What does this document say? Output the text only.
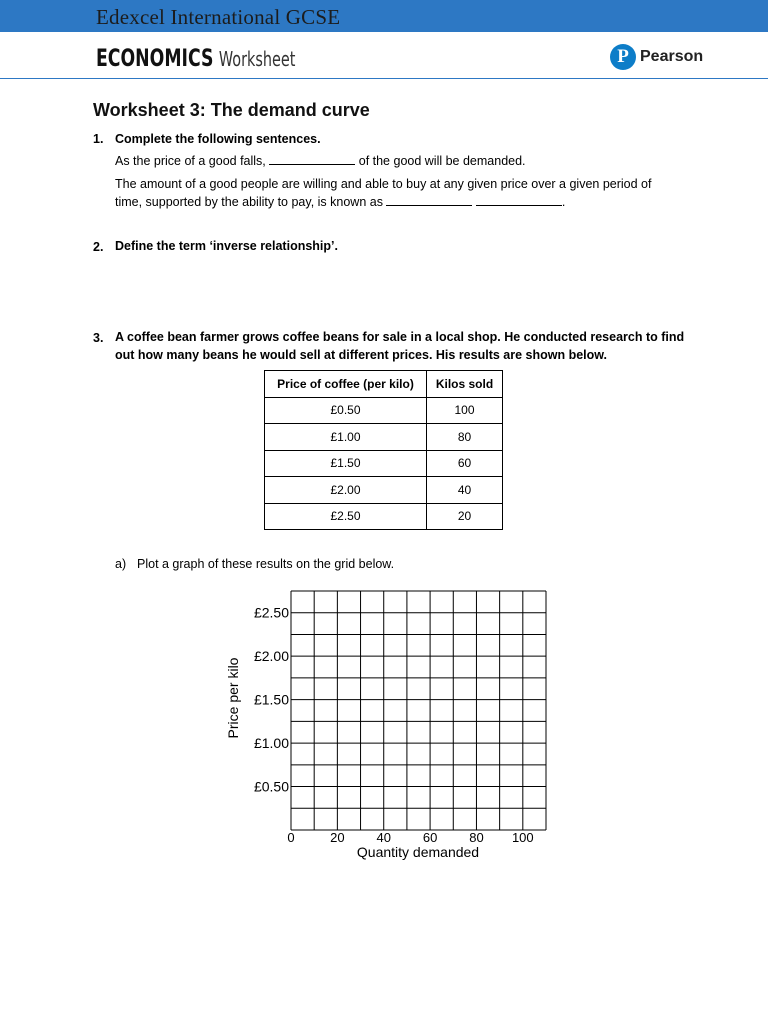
Edexcel International GCSE
ECONOMICS Worksheet	P Pearson
Worksheet 3: The demand curve
1. Complete the following sentences.
As the price of a good falls,	of the good will be demanded.
The amount of a good people are willing and able to buy at any given price over a given period of
time, supported by the ability to pay, is known as	.
2. Define the term ‘inverse relationship’.
3. A coffee bean farmer grows coffee beans for sale in a local shop. He conducted research to find
out how many beans he would sell at different prices. His results are shown below.
Price of coffee (per kilo)	Kilos sold
£0.50	100
£1.00	80
£1.50	60
£2.00	40
£2.50	20
a) Plot a graph of these results on the grid below.
£0.50
£1.00
£1.50
£2.00
£2.50
0	20 40 60 80 100
Price per kilo
Quantity demanded
